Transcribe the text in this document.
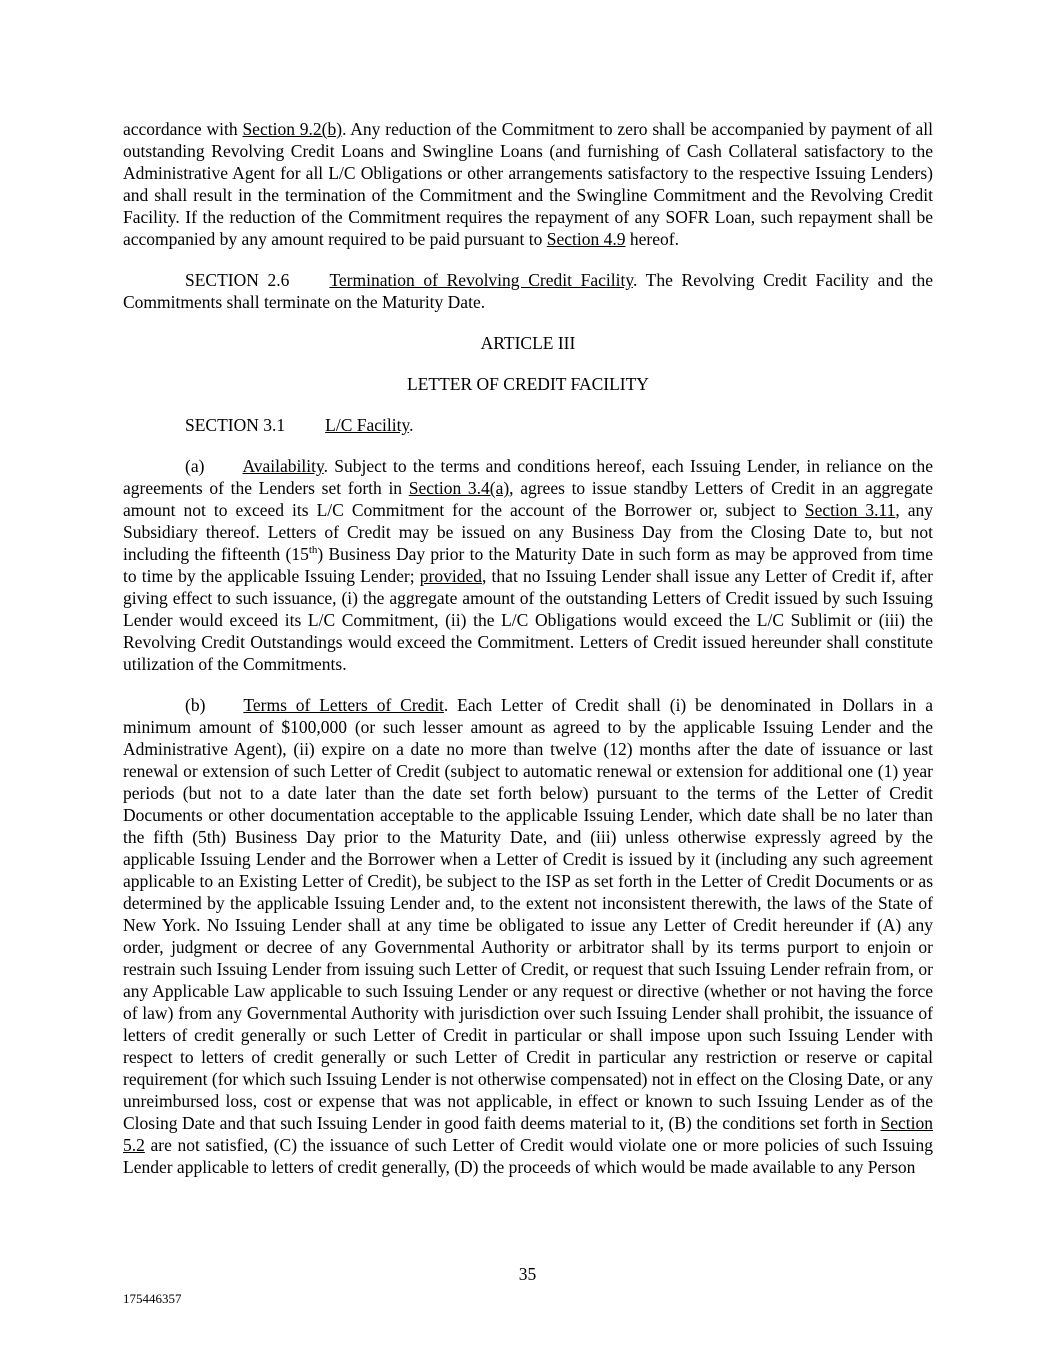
accordance with Section 9.2(b). Any reduction of the Commitment to zero shall be accompanied by payment of all outstanding Revolving Credit Loans and Swingline Loans (and furnishing of Cash Collateral satisfactory to the Administrative Agent for all L/C Obligations or other arrangements satisfactory to the respective Issuing Lenders) and shall result in the termination of the Commitment and the Swingline Commitment and the Revolving Credit Facility. If the reduction of the Commitment requires the repayment of any SOFR Loan, such repayment shall be accompanied by any amount required to be paid pursuant to Section 4.9 hereof.

SECTION 2.6 Termination of Revolving Credit Facility. The Revolving Credit Facility and the Commitments shall terminate on the Maturity Date.

ARTICLE III

LETTER OF CREDIT FACILITY

SECTION 3.1 L/C Facility.

(a) Availability. Subject to the terms and conditions hereof, each Issuing Lender, in reliance on the agreements of the Lenders set forth in Section 3.4(a), agrees to issue standby Letters of Credit in an aggregate amount not to exceed its L/C Commitment for the account of the Borrower or, subject to Section 3.11, any Subsidiary thereof. Letters of Credit may be issued on any Business Day from the Closing Date to, but not including the fifteenth (15th) Business Day prior to the Maturity Date in such form as may be approved from time to time by the applicable Issuing Lender; provided, that no Issuing Lender shall issue any Letter of Credit if, after giving effect to such issuance, (i) the aggregate amount of the outstanding Letters of Credit issued by such Issuing Lender would exceed its L/C Commitment, (ii) the L/C Obligations would exceed the L/C Sublimit or (iii) the Revolving Credit Outstandings would exceed the Commitment. Letters of Credit issued hereunder shall constitute utilization of the Commitments.

(b) Terms of Letters of Credit. Each Letter of Credit shall (i) be denominated in Dollars in a minimum amount of $100,000 (or such lesser amount as agreed to by the applicable Issuing Lender and the Administrative Agent), (ii) expire on a date no more than twelve (12) months after the date of issuance or last renewal or extension of such Letter of Credit (subject to automatic renewal or extension for additional one (1) year periods (but not to a date later than the date set forth below) pursuant to the terms of the Letter of Credit Documents or other documentation acceptable to the applicable Issuing Lender, which date shall be no later than the fifth (5th) Business Day prior to the Maturity Date, and (iii) unless otherwise expressly agreed by the applicable Issuing Lender and the Borrower when a Letter of Credit is issued by it (including any such agreement applicable to an Existing Letter of Credit), be subject to the ISP as set forth in the Letter of Credit Documents or as determined by the applicable Issuing Lender and, to the extent not inconsistent therewith, the laws of the State of New York. No Issuing Lender shall at any time be obligated to issue any Letter of Credit hereunder if (A) any order, judgment or decree of any Governmental Authority or arbitrator shall by its terms purport to enjoin or restrain such Issuing Lender from issuing such Letter of Credit, or request that such Issuing Lender refrain from, or any Applicable Law applicable to such Issuing Lender or any request or directive (whether or not having the force of law) from any Governmental Authority with jurisdiction over such Issuing Lender shall prohibit, the issuance of letters of credit generally or such Letter of Credit in particular or shall impose upon such Issuing Lender with respect to letters of credit generally or such Letter of Credit in particular any restriction or reserve or capital requirement (for which such Issuing Lender is not otherwise compensated) not in effect on the Closing Date, or any unreimbursed loss, cost or expense that was not applicable, in effect or known to such Issuing Lender as of the Closing Date and that such Issuing Lender in good faith deems material to it, (B) the conditions set forth in Section 5.2 are not satisfied, (C) the issuance of such Letter of Credit would violate one or more policies of such Issuing Lender applicable to letters of credit generally, (D) the proceeds of which would be made available to any Person

35
175446357
